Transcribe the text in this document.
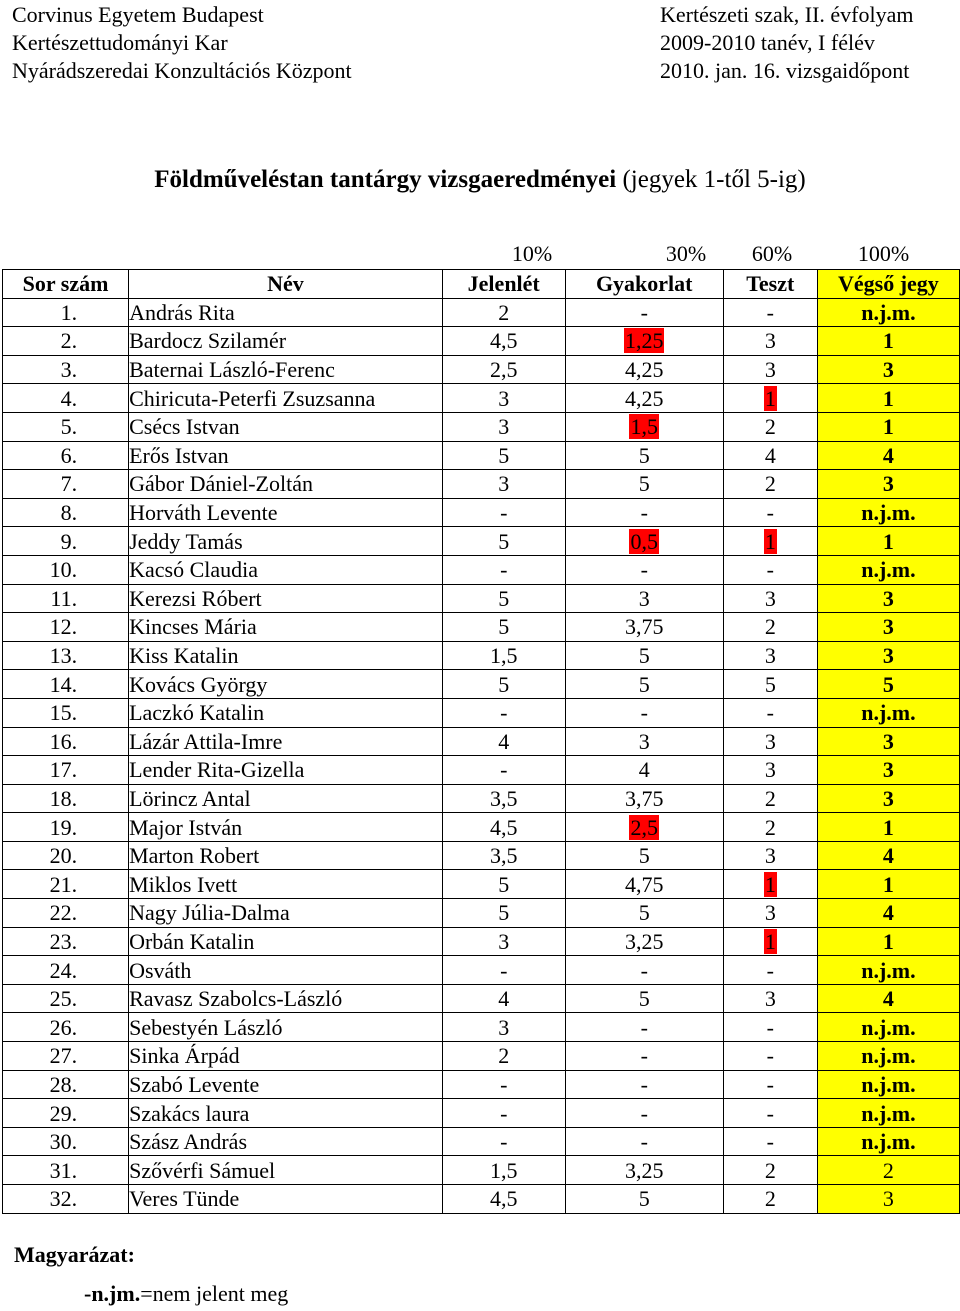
Corvinus Egyetem Budapest
Kertészettudományi Kar
Nyárádszeredai Konzultációs Központ
Kertészeti szak, II. évfolyam
2009-2010 tanév, I félév
2010. jan. 16. vizsgaidőpont
Földműveléstan tantárgy vizsgaeredményei (jegyek 1-től 5-ig)
10%	30%	60%	100%
Sor szám	Név	Jelenlét	Gyakorlat	Teszt	Végső jegy
1.	András Rita	2	-	-	n.j.m.
2.	Bardocz Szilamér	4,5	1,25	3	1
3.	Baternai László-Ferenc	2,5	4,25	3	3
4.	Chiricuta-Peterfi Zsuzsanna	3	4,25	1	1
5.	Csécs Istvan	3	1,5	2	1
6.	Erős Istvan	5	5	4	4
7.	Gábor Dániel-Zoltán	3	5	2	3
8.	Horváth Levente	-	-	-	n.j.m.
9.	Jeddy Tamás	5	0,5	1	1
10.	Kacsó Claudia	-	-	-	n.j.m.
11.	Kerezsi Róbert	5	3	3	3
12.	Kincses Mária	5	3,75	2	3
13.	Kiss Katalin	1,5	5	3	3
14.	Kovács György	5	5	5	5
15.	Laczkó Katalin	-	-	-	n.j.m.
16.	Lázár Attila-Imre	4	3	3	3
17.	Lender Rita-Gizella	-	4	3	3
18.	Lörincz Antal	3,5	3,75	2	3
19.	Major István	4,5	2,5	2	1
20.	Marton Robert	3,5	5	3	4
21.	Miklos Ivett	5	4,75	1	1
22.	Nagy Júlia-Dalma	5	5	3	4
23.	Orbán Katalin	3	3,25	1	1
24.	Osváth	-	-	-	n.j.m.
25.	Ravasz Szabolcs-László	4	5	3	4
26.	Sebestyén László	3	-	-	n.j.m.
27.	Sinka Árpád	2	-	-	n.j.m.
28.	Szabó Levente	-	-	-	n.j.m.
29.	Szakács laura	-	-	-	n.j.m.
30.	Szász András	-	-	-	n.j.m.
31.	Szővérfi Sámuel	1,5	3,25	2	2
32.	Veres Tünde	4,5	5	2	3
Magyarázat:
-n.jm.=nem jelent meg
